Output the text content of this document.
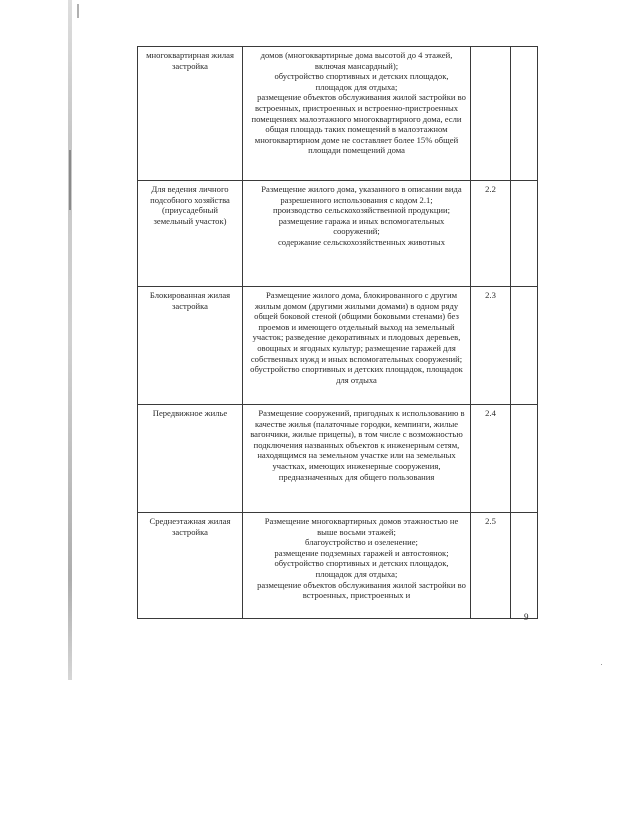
многоквартирная жилая застройка	домов (многоквартирные дома высотой до 4 этажей, включая мансардный);

обустройство спортивных и детских площадок, площадок для отдыха;

размещение объектов обслуживания жилой застройки во встроенных, пристроенных и встроенно-пристроенных помещениях малоэтажного многоквартирного дома, если общая площадь таких помещений в малоэтажном многоквартирном доме не составляет более 15% общей площади помещений дома		

Для ведения личного подсобного хозяйства (приусадебный земельный участок)	Размещение жилого дома, указанного в описании вида разрешенного использования с кодом 2.1;

производство сельскохозяйственной продукции;

размещение гаража и иных вспомогательных сооружений;

содержание сельскохозяйственных животных	2.2	
Блокированная жилая застройка	Размещение жилого дома, блокированного с другим жилым домом (другими жилыми домами) в одном ряду общей боковой стеной (общими боковыми стенами) без проемов и имеющего отдельный выход на земельный участок; разведение декоративных и плодовых деревьев, овощных и ягодных культур; размещение гаражей для собственных нужд и иных вспомогательных сооружений; обустройство спортивных и детских площадок, площадок для отдыха	2.3	
Передвижное жилье	Размещение сооружений, пригодных к использованию в качестве жилья (палаточные городки, кемпинги, жилые вагончики, жилые прицепы), в том числе с возможностью подключения названных объектов к инженерным сетям, находящимся на земельном участке или на земельных участках, имеющих инженерные сооружения, предназначенных для общего пользования	2.4	
Среднеэтажная жилая застройка	Размещение многоквартирных домов этажностью не выше восьми этажей;

благоустройство и озеленение;

размещение подземных гаражей и автостоянок;

обустройство спортивных и детских площадок, площадок для отдыха;

размещение объектов обслуживания жилой застройки во встроенных, пристроенных и	2.5	
9
